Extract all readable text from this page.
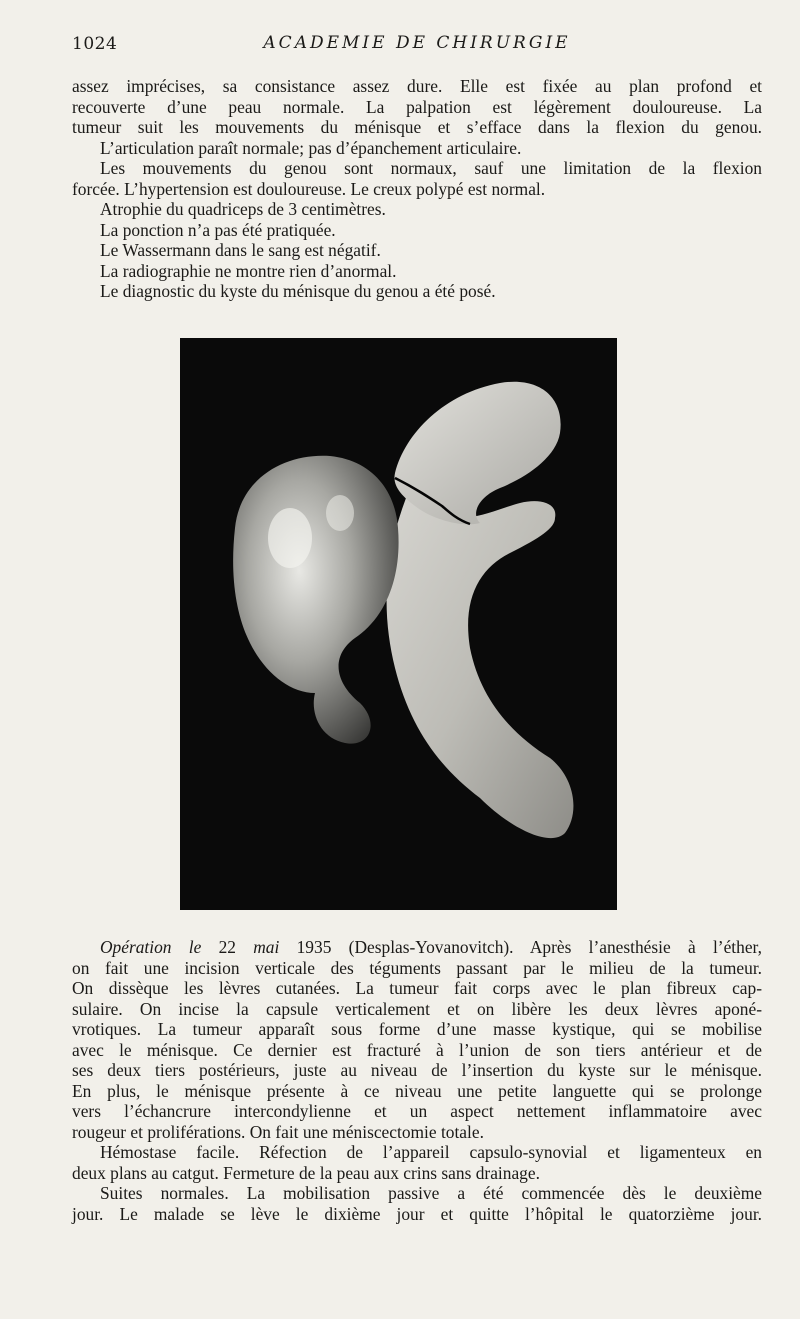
1024	ACADEMIE DE CHIRURGIE
assez imprécises, sa consistance assez dure. Elle est fixée au plan profond et
recouverte d’une peau normale. La palpation est légèrement douloureuse. La
tumeur suit les mouvements du ménisque et s’efface dans la flexion du genou.
L’articulation paraît normale; pas d’épanchement articulaire.
Les mouvements du genou sont normaux, sauf une limitation de la flexion
forcée. L’hypertension est douloureuse. Le creux polypé est normal.
Atrophie du quadriceps de 3 centimètres.
La ponction n’a pas été pratiquée.
Le Wassermann dans le sang est négatif.
La radiographie ne montre rien d’anormal.
Le diagnostic du kyste du ménisque du genou a été posé.
Opération le 22 mai 1935 (Desplas-Yovanovitch). Après l’anesthésie à l’éther,
on fait une incision verticale des téguments passant par le milieu de la tumeur.
On dissèque les lèvres cutanées. La tumeur fait corps avec le plan fibreux cap-
sulaire. On incise la capsule verticalement et on libère les deux lèvres aponé-
vrotiques. La tumeur apparaît sous forme d’une masse kystique, qui se mobilise
avec le ménisque. Ce dernier est fracturé à l’union de son tiers antérieur et de
ses deux tiers postérieurs, juste au niveau de l’insertion du kyste sur le ménisque.
En plus, le ménisque présente à ce niveau une petite languette qui se prolonge
vers l’échancrure intercondylienne et un aspect nettement inflammatoire avec
rougeur et proliférations. On fait une méniscectomie totale.
Hémostase facile. Réfection de l’appareil capsulo-synovial et ligamenteux en
deux plans au catgut. Fermeture de la peau aux crins sans drainage.
Suites normales. La mobilisation passive a été commencée dès le deuxième
jour. Le malade se lève le dixième jour et quitte l’hôpital le quatorzième jour.
